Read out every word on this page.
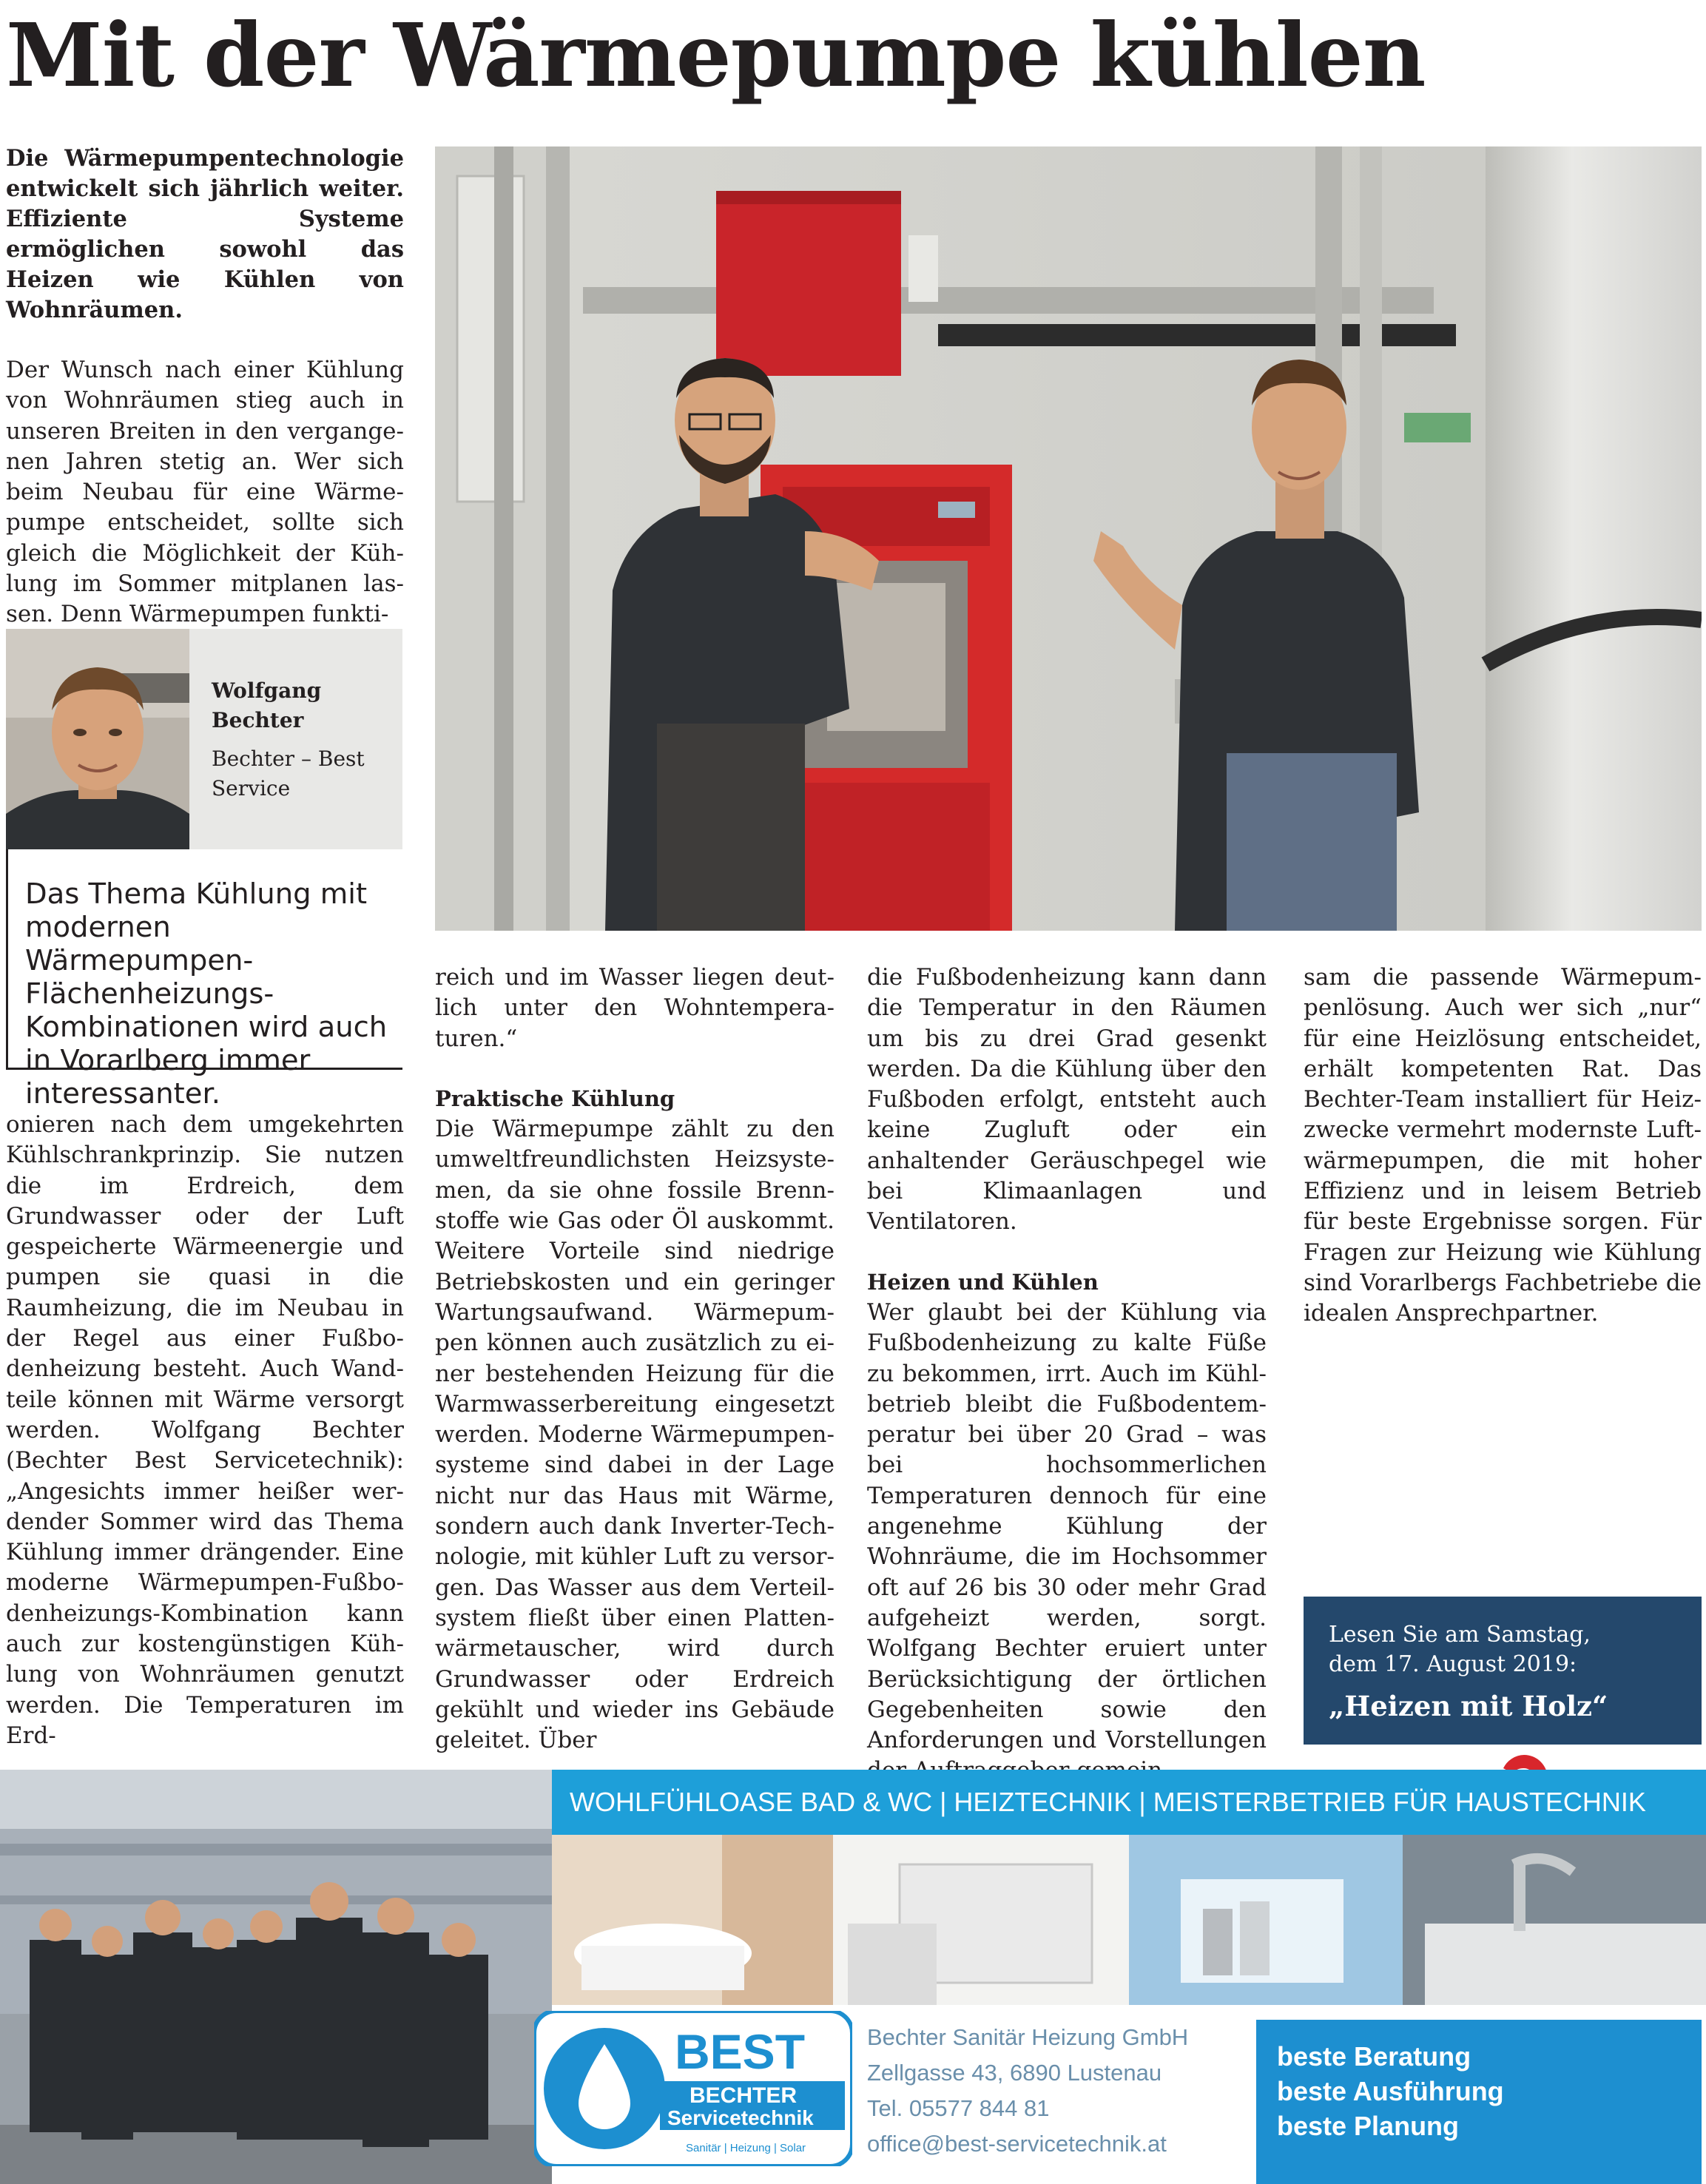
Mit der Wärmepumpe kühlen

Die Wärmepumpentechnologie entwickelt sich jährlich weiter. Effiziente Systeme ermöglichen sowohl das Heizen wie Kühlen von Wohnräumen.

Der Wunsch nach einer Kühlung von Wohnräumen stieg auch in unseren Breiten in den vergangenen Jahren stetig an. Wer sich beim Neubau für eine Wärmepumpe entscheidet, sollte sich gleich die Möglichkeit der Kühlung im Sommer mitplanen lassen. Denn Wärmepumpen funkti-

Wolfgang Bechter
Bechter – Best Service
Das Thema Kühlung mit modernen Wärmepumpen-Flächenheizungs-Kombinationen wird auch in Vorarlberg immer interessanter.

onieren nach dem umgekehrten Kühlschrankprinzip. Sie nutzen die im Erdreich, dem Grundwasser oder der Luft gespeicherte Wärmeenergie und pumpen sie quasi in die Raumheizung, die im Neubau in der Regel aus einer Fußbodenheizung besteht. Auch Wandteile können mit Wärme versorgt werden. Wolfgang Bechter (Bechter Best Servicetechnik): „Angesichts immer heißer werdender Sommer wird das Thema Kühlung immer drängender. Eine moderne Wärmepumpen-Fußbodenheizungs-Kombination kann auch zur kostengünstigen Kühlung von Wohnräumen genutzt werden. Die Temperaturen im Erd-

reich und im Wasser liegen deutlich unter den Wohntemperaturen.“

Praktische Kühlung

Die Wärmepumpe zählt zu den umweltfreundlichsten Heizsystemen, da sie ohne fossile Brennstoffe wie Gas oder Öl auskommt. Weitere Vorteile sind niedrige Betriebskosten und ein geringer Wartungsaufwand. Wärmepumpen können auch zusätzlich zu einer bestehenden Heizung für die Warmwasserbereitung eingesetzt werden. Moderne Wärmepumpensysteme sind dabei in der Lage nicht nur das Haus mit Wärme, sondern auch dank Inverter-Technologie, mit kühler Luft zu versorgen. Das Wasser aus dem Verteilsystem fließt über einen Plattenwärmetauscher, wird durch Grundwasser oder Erdreich gekühlt und wieder ins Gebäude geleitet. Über

die Fußbodenheizung kann dann die Temperatur in den Räumen um bis zu drei Grad gesenkt werden. Da die Kühlung über den Fußboden erfolgt, entsteht auch keine Zugluft oder ein anhaltender Geräuschpegel wie bei Klimaanlagen und Ventilatoren.

Heizen und Kühlen

Wer glaubt bei der Kühlung via Fußbodenheizung zu kalte Füße zu bekommen, irrt. Auch im Kühlbetrieb bleibt die Fußbodentemperatur bei über 20 Grad – was bei hochsommerlichen Temperaturen dennoch für eine angenehme Kühlung der Wohnräume, die im Hochsommer oft auf 26 bis 30 oder mehr Grad aufgeheizt werden, sorgt. Wolfgang Bechter eruiert unter Berücksichtigung der örtlichen Gegebenheiten sowie den Anforderungen und Vorstellungen

sam die passende Wärmepumpenlösung. Auch wer sich „nur“ für eine Heizlösung entscheidet, erhält kompetenten Rat. Das Bechter-Team installiert für Heizzwecke vermehrt modernste Luftwärmepumpen, die mit hoher Effizienz und in leisem Betrieb für beste Ergebnisse sorgen. Für Fragen zur Heizung wie Kühlung sind Vorarlbergs Fachbetriebe die idealen Ansprechpartner.

Lesen Sie am Samstag,
dem 17. August 2019:
„Heizen mit Holz“
WOHLFÜHLOASE BAD & WC | HEIZTECHNIK | MEISTERBETRIEB FÜR HAUSTECHNIK
BEST
BECHTER
Servicetechnik
Sanitär | Heizung | Solar
Bechter Sanitär Heizung GmbH
Zellgasse 43, 6890 Lustenau
Tel. 05577 844 81
office@best-servicetechnik.at
beste Beratung
beste Ausführung
beste Planung
